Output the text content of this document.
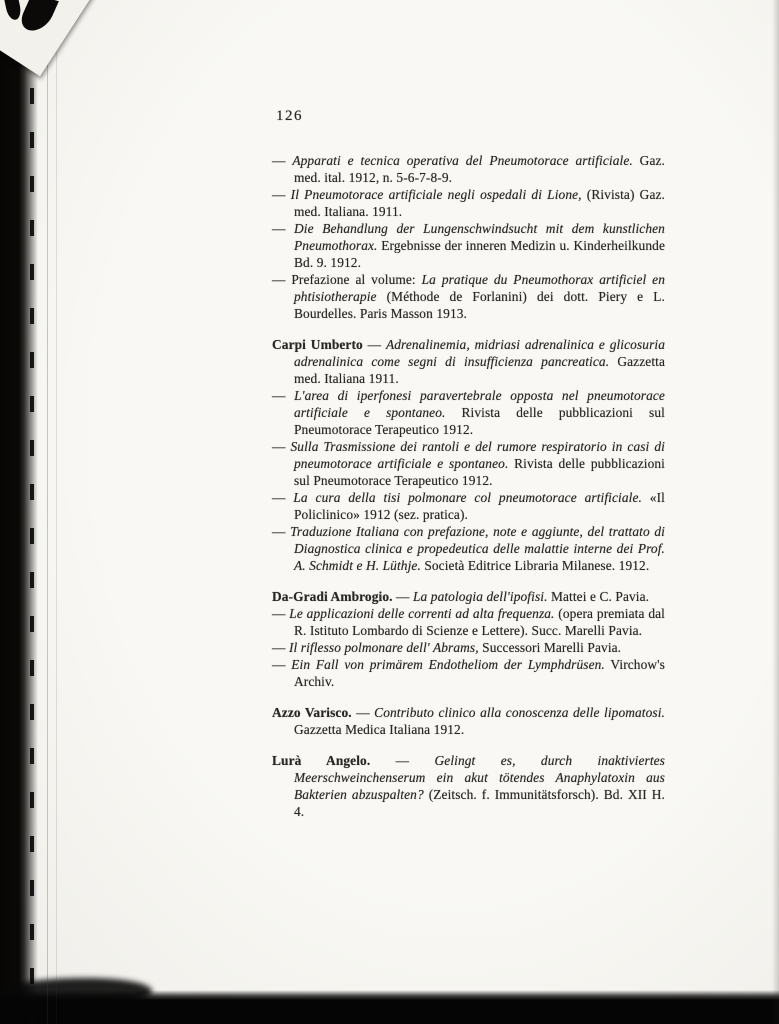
126

— Apparati e tecnica operativa del Pneumotorace artificiale. Gaz. med. ital. 1912, n. 5-6-7-8-9.

— Il Pneumotorace artificiale negli ospedali di Lione, (Rivista) Gaz. med. Italiana. 1911.

— Die Behandlung der Lungenschwindsucht mit dem kunstlichen Pneumothorax. Ergebnisse der inneren Medizin u. Kinderheilkunde Bd. 9. 1912.

— Prefazione al volume: La pratique du Pneumothorax artificiel en phtisiotherapie (Méthode de Forlanini) dei dott. Piery e L. Bourdelles. Paris Masson 1913.

Carpi Umberto — Adrenalinemia, midriasi adrenalinica e glicosuria adrenalinica come segni di insufficienza pancreatica. Gazzetta med. Italiana 1911.

— L'area di iperfonesi paravertebrale opposta nel pneumotorace artificiale e spontaneo. Rivista delle pubblicazioni sul Pneumotorace Terapeutico 1912.

— Sulla Trasmissione dei rantoli e del rumore respiratorio in casi di pneumotorace artificiale e spontaneo. Rivista delle pubblicazioni sul Pneumotorace Terapeutico 1912.

— La cura della tisi polmonare col pneumotorace artificiale. «Il Policlinico» 1912 (sez. pratica).

— Traduzione Italiana con prefazione, note e aggiunte, del trattato di Diagnostica clinica e propedeutica delle malattie interne dei Prof. A. Schmidt e H. Lüthje. Società Editrice Libraria Milanese. 1912.

Da-Gradi Ambrogio. — La patologia dell'ipofisi. Mattei e C. Pavia.

— Le applicazioni delle correnti ad alta frequenza. (opera premiata dal R. Istituto Lombardo di Scienze e Lettere). Succ. Marelli Pavia.

— Il riflesso polmonare dell' Abrams, Successori Marelli Pavia.

— Ein Fall von primärem Endotheliom der Lymphdrüsen. Virchow's Archiv.

Azzo Varisco. — Contributo clinico alla conoscenza delle lipomatosi. Gazzetta Medica Italiana 1912.

Lurà Angelo. — Gelingt es, durch inaktiviertes Meerschweinchenserum ein akut tötendes Anaphylatoxin aus Bakterien abzuspalten? (Zeitsch. f. Immunitätsforsch). Bd. XII H. 4.
